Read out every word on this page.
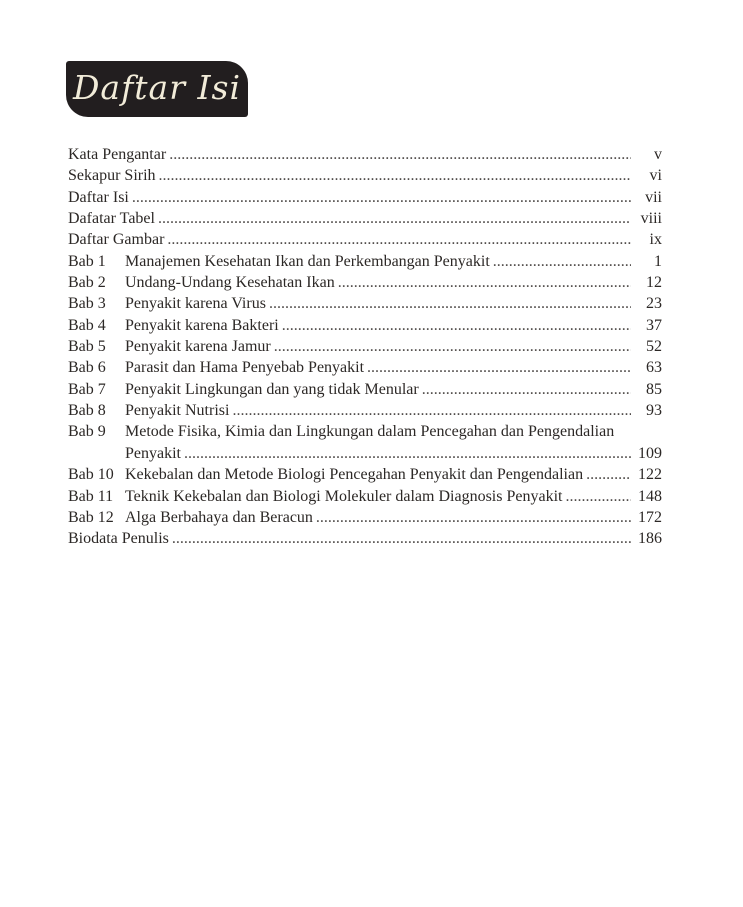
Daftar Isi
Kata Pengantar .....	v
Sekapur Sirih .....	vi
Daftar Isi .....	vii
Dafatar Tabel .....	viii
Daftar Gambar .....	ix
Bab 1	Manajemen Kesehatan Ikan dan Perkembangan Penyakit .....	1
Bab 2	Undang-Undang Kesehatan Ikan .....	12
Bab 3	Penyakit karena Virus .....	23
Bab 4	Penyakit karena Bakteri .....	37
Bab 5	Penyakit karena Jamur .....	52
Bab 6	Parasit dan Hama Penyebab Penyakit .....	63
Bab 7	Penyakit Lingkungan dan yang tidak Menular .....	85
Bab 8	Penyakit Nutrisi .....	93
Bab 9	Metode Fisika, Kimia dan Lingkungan dalam Pencegahan dan Pengendalian
Penyakit .....	109
Bab 10 Kekebalan dan Metode Biologi Pencegahan Penyakit dan Pengendalian .....	122
Bab 11 Teknik Kekebalan dan Biologi Molekuler dalam Diagnosis Penyakit .....	148
Bab 12 Alga Berbahaya dan Beracun .....	172
Biodata Penulis .....	186
